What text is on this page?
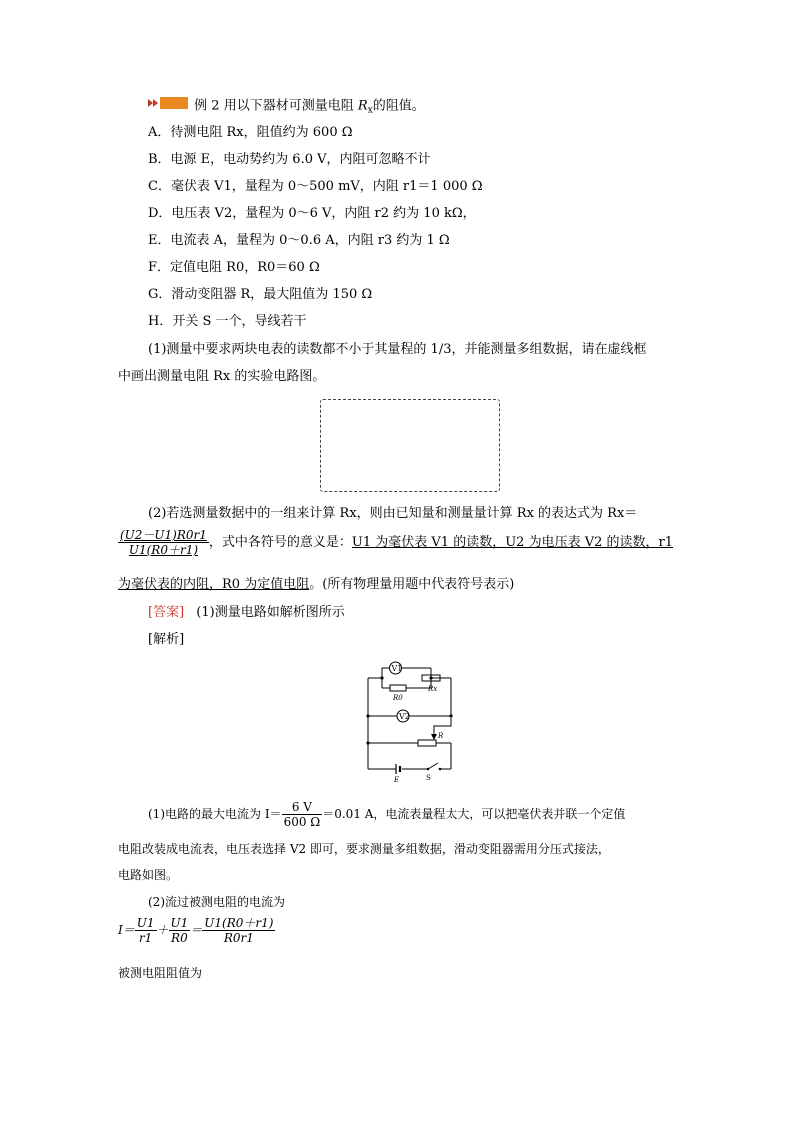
例 2 用以下器材可测量电阻 $R_x$的阻值。
A．待测电阻 Rx，阻值约为 600 Ω
B．电源 E，电动势约为 6.0 V，内阻可忽略不计
C．毫伏表 V1，量程为 0～500 mV，内阻 r1＝1 000 Ω
D．电压表 V2，量程为 0～6 V，内阻 r2 约为 10 kΩ，
E．电流表 A，量程为 0～0.6 A，内阻 r3 约为 1 Ω
F．定值电阻 R0，R0＝60 Ω
G．滑动变阻器 R，最大阻值为 150 Ω
H．开关 S 一个，导线若干
(1)测量中要求两块电表的读数都不小于其量程的 1/3，并能测量多组数据，请在虚线框
中画出测量电阻 Rx 的实验电路图。
(2)若选测量数据中的一组来计算 Rx，则由已知量和测量量计算 Rx 的表达式为 Rx＝
$\frac{(U2-U1)R0r1}{U1(R0+r1)}$ ，式中各符号的意义是：U1 为毫伏表 V1 的读数，U2 为电压表 V2 的读数，r1
为毫伏表的内阻，R0 为定值电阻。(所有物理量用题中代表符号表示)
[答案] (1)测量电路如解析图所示
[解析]
V1
V2
R0
Rx
R
E	S
(1)电路的最大电流为 $I= \frac{6 V}{600 \Omega} =0.01$ A，电流表量程太大，可以把毫伏表并联一个定值
电阻改装成电流表，电压表选择 V2 即可，要求测量多组数据，滑动变阻器需用分压式接法，
电路如图。
(2)流过被测电阻的电流为
$I= \frac{U1}{r1} + \frac{U1}{R0} = \frac{U1(R0+r1)}{R0r1}$
被测电阻阻值为
